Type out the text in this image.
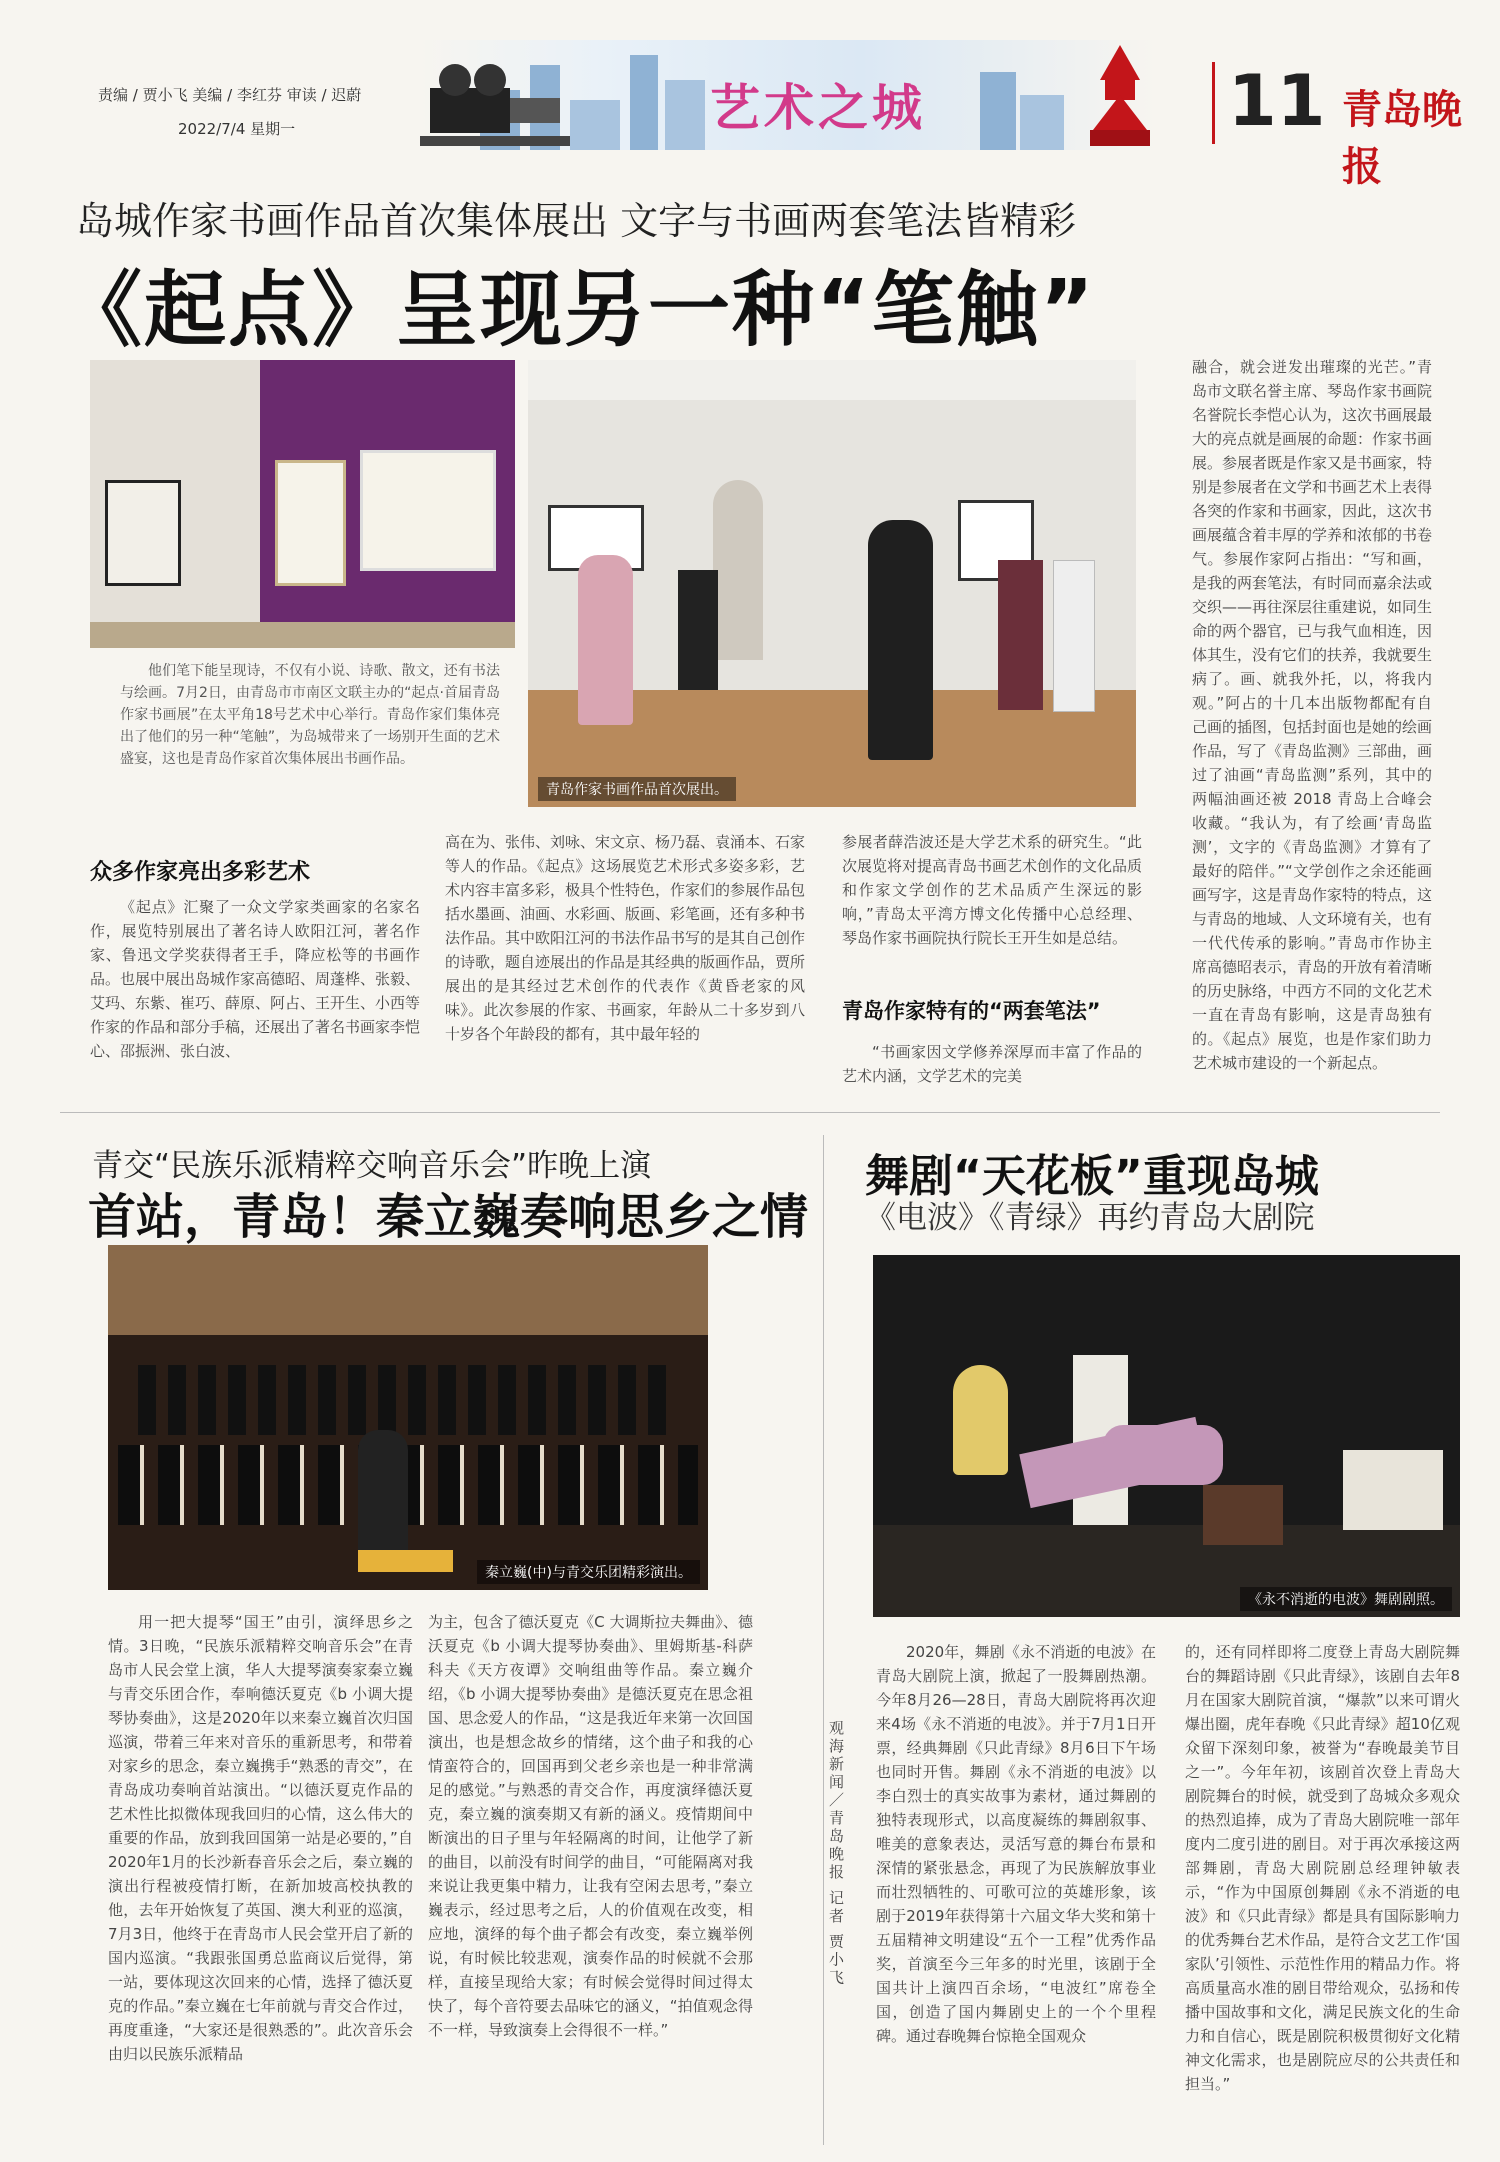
责编 / 贾小飞 美编 / 李红芬 审读 / 迟蔚
2022/7/4 星期一	艺术之城	11 青岛晚报
岛城作家书画作品首次集体展出 文字与书画两套笔法皆精彩
《起点》呈现另一种“笔触”
青岛作家书画作品首次展出。
他们笔下能呈现诗，不仅有小说、诗歌、散文，还有书法与绘画。7月2日，由青岛市市南区文联主办的“起点·首届青岛作家书画展”在太平角18号艺术中心举行。青岛作家们集体亮出了他们的另一种“笔触”，为岛城带来了一场别开生面的艺术盛宴，这也是青岛作家首次集体展出书画作品。
众多作家亮出多彩艺术
《起点》汇聚了一众文学家类画家的名家名作，展览特别展出了著名诗人欧阳江河，著名作家、鲁迅文学奖获得者王手，降应松等的书画作品。也展中展出岛城作家高德昭、周蓬桦、张毅、艾玛、东紫、崔巧、薛原、阿占、王开生、小西等作家的作品和部分手稿，还展出了著名书画家李恺心、邵振洲、张白波、
高在为、张伟、刘咏、宋文京、杨乃磊、袁涌本、石家等人的作品。《起点》这场展览艺术形式多姿多彩，艺术内容丰富多彩，极具个性特色，作家们的参展作品包括水墨画、油画、水彩画、版画、彩笔画，还有多种书法作品。其中欧阳江河的书法作品书写的是其自己创作的诗歌，题自迹展出的作品是其经典的版画作品，贾所展出的是其经过艺术创作的代表作《黄昏老家的风味》。此次参展的作家、书画家，年龄从二十多岁到八十岁各个年龄段的都有，其中最年轻的
参展者薛浩波还是大学艺术系的研究生。“此次展览将对提高青岛书画艺术创作的文化品质和作家文学创作的艺术品质产生深远的影响，”青岛太平湾方博文化传播中心总经理、琴岛作家书画院执行院长王开生如是总结。
青岛作家特有的“两套笔法”
“书画家因文学修养深厚而丰富了作品的艺术内涵，文学艺术的完美
融合，就会迸发出璀璨的光芒。”青岛市文联名誉主席、琴岛作家书画院名誉院长李恺心认为，这次书画展最大的亮点就是画展的命题：作家书画展。参展者既是作家又是书画家，特别是参展者在文学和书画艺术上表得各突的作家和书画家，因此，这次书画展蕴含着丰厚的学养和浓郁的书卷气。参展作家阿占指出：“写和画，是我的两套笔法，有时同而嘉余法或交织——再往深层往重建说，如同生命的两个器官，已与我气血相连，因体其生，没有它们的扶养，我就要生病了。画、就我外托，以，将我内观。”阿占的十几本出版物都配有自己画的插图，包括封面也是她的绘画作品，写了《青岛监测》三部曲，画过了油画“青岛监测”系列，其中的两幅油画还被 2018 青岛上合峰会收藏。“我认为，有了绘画‘青岛监测’，文字的《青岛监测》才算有了最好的陪伴。”“文学创作之余还能画画写字，这是青岛作家特的特点，这与青岛的地域、人文环境有关，也有一代代传承的影响。”青岛市作协主席高德昭表示，青岛的开放有着清晰的历史脉络，中西方不同的文化艺术一直在青岛有影响，这是青岛独有的。《起点》展览，也是作家们助力艺术城市建设的一个新起点。
青交“民族乐派精粹交响音乐会”昨晚上演
首站，青岛！秦立巍奏响思乡之情
秦立巍(中)与青交乐团精彩演出。
用一把大提琴“国王”由引，演绎思乡之情。3日晚，“民族乐派精粹交响音乐会”在青岛市人民会堂上演，华人大提琴演奏家秦立巍与青交乐团合作，奉响德沃夏克《b 小调大提琴协奏曲》，这是2020年以来秦立巍首次归国巡演，带着三年来对音乐的重新思考，和带着对家乡的思念，秦立巍携手“熟悉的青交”，在青岛成功奏响首站演出。“以德沃夏克作品的艺术性比拟微体现我回归的心情，这么伟大的重要的作品，放到我回国第一站是必要的，”自2020年1月的长沙新春音乐会之后，秦立巍的演出行程被疫情打断，在新加坡高校执教的他，去年开始恢复了英国、澳大利亚的巡演，7月3日，他终于在青岛市人民会堂开启了新的国内巡演。“我跟张国勇总监商议后觉得，第一站，要体现这次回来的心情，选择了德沃夏克的作品。”秦立巍在七年前就与青交合作过，再度重逢，“大家还是很熟悉的”。此次音乐会由归以民族乐派精品
为主，包含了德沃夏克《C 大调斯拉夫舞曲》、德沃夏克《b 小调大提琴协奏曲》、里姆斯基-科萨科夫《天方夜谭》交响组曲等作品。秦立巍介绍，《b 小调大提琴协奏曲》是德沃夏克在思念祖国、思念爱人的作品，“这是我近年来第一次回国演出，也是想念故乡的情绪，这个曲子和我的心情蛮符合的，回国再到父老乡亲也是一种非常满足的感觉。”与熟悉的青交合作，再度演绎德沃夏克，秦立巍的演奏期又有新的涵义。疫情期间中断演出的日子里与年轻隔离的时间，让他学了新的曲目，以前没有时间学的曲目，“可能隔离对我来说让我更集中精力，让我有空闲去思考，”秦立巍表示，经过思考之后，人的价值观在改变，相应地，演绎的每个曲子都会有改变，秦立巍举例说，有时候比较悲观，演奏作品的时候就不会那样，直接呈现给大家；有时候会觉得时间过得太快了，每个音符要去品味它的涵义，“拍值观念得不一样，导致演奏上会得很不一样。”
舞剧“天花板”重现岛城
《电波》《青绿》再约青岛大剧院
《永不消逝的电波》舞剧剧照。
观海新闻／青岛晚报 记者 贾小飞
2020年，舞剧《永不消逝的电波》在青岛大剧院上演，掀起了一股舞剧热潮。今年8月26—28日，青岛大剧院将再次迎来4场《永不消逝的电波》。并于7月1日开票，经典舞剧《只此青绿》8月6日下午场也同时开售。舞剧《永不消逝的电波》以李白烈士的真实故事为素材，通过舞剧的独特表现形式，以高度凝练的舞剧叙事、唯美的意象表达，灵活写意的舞台布景和深情的紧张悬念，再现了为民族解放事业而壮烈牺牲的、可歌可泣的英雄形象，该剧于2019年获得第十六届文华大奖和第十五届精神文明建设“五个一工程”优秀作品奖，首演至今三年多的时光里，该剧于全国共计上演四百余场，“电波红”席卷全国，创造了国内舞剧史上的一个个里程碑。通过春晚舞台惊艳全国观众
的，还有同样即将二度登上青岛大剧院舞台的舞蹈诗剧《只此青绿》，该剧自去年8月在国家大剧院首演，“爆款”以来可谓火爆出圈，虎年春晚《只此青绿》超10亿观众留下深刻印象，被誉为“春晚最美节目之一”。今年年初，该剧首次登上青岛大剧院舞台的时候，就受到了岛城众多观众的热烈追捧，成为了青岛大剧院唯一部年度内二度引进的剧目。对于再次承接这两部舞剧，青岛大剧院剧总经理钟敏表示，“作为中国原创舞剧《永不消逝的电波》和《只此青绿》都是具有国际影响力的优秀舞台艺术作品，是符合文艺工作‘国家队’引领性、示范性作用的精品力作。将高质量高水准的剧目带给观众，弘扬和传播中国故事和文化，满足民族文化的生命力和自信心，既是剧院积极贯彻好文化精神文化需求，也是剧院应尽的公共责任和担当。”
